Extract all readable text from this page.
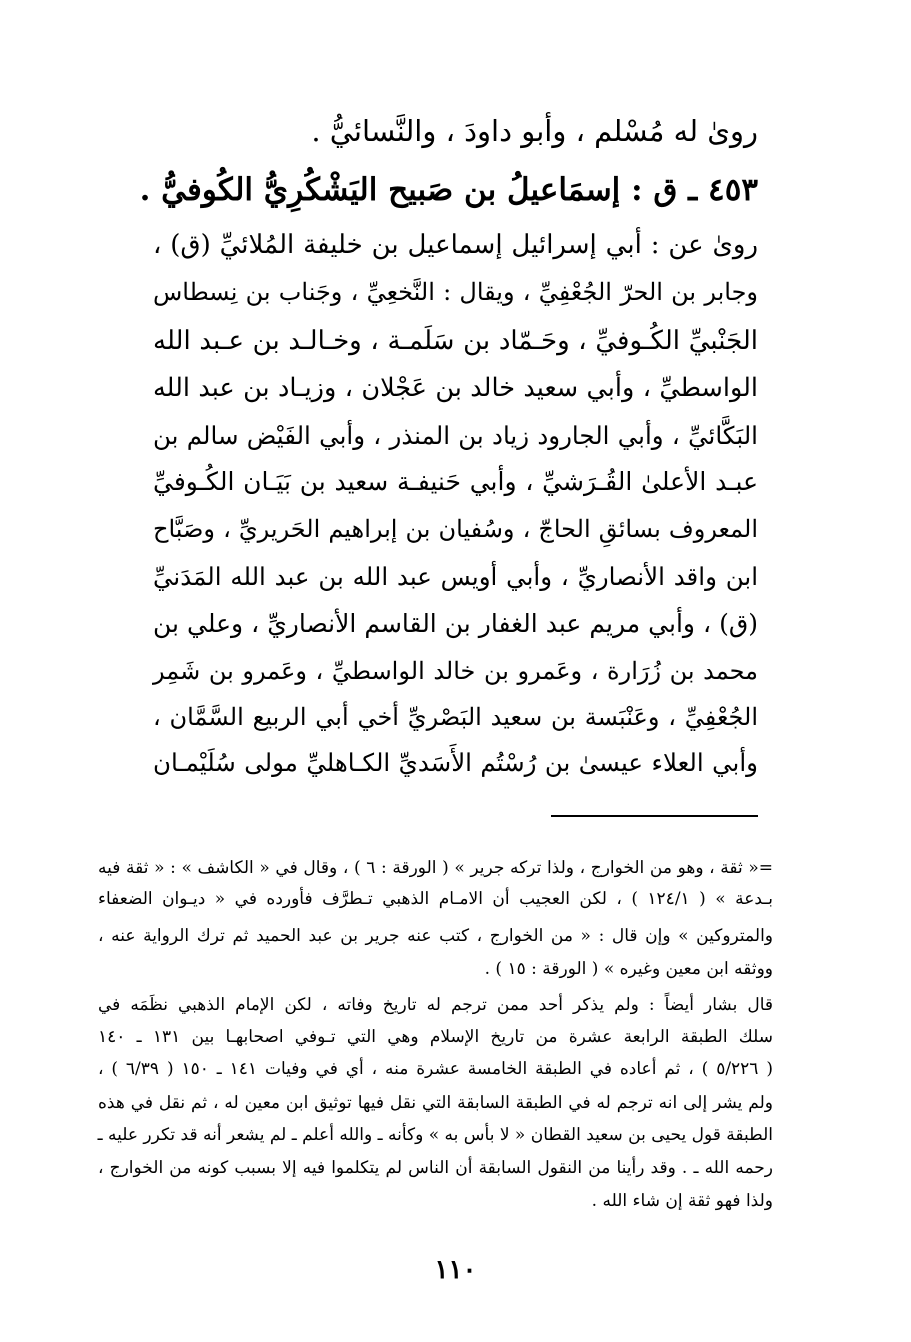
روىٰ له مُسْلم ، وأبو داودَ ، والنَّسائيُّ .
٤٥٣ ـ ق : إسمَاعيلُ بن صَبيح اليَشْكُرِيُّ الكُوفيُّ .
روىٰ عن : أبي إسرائيل إسماعيل بن خليفة المُلائيِّ (ق) ،
وجابر بن الحرّ الجُعْفِيِّ ، ويقال : النَّخعِيِّ ، وجَناب بن نِسطاس
الجَنْبيِّ الكُـوفيِّ ، وحَـمّاد بن سَلَمـة ، وخـالـد بن عـبد الله
الواسطيِّ ، وأبي سعيد خالد بن عَجْلان ، وزيـاد بن عبد الله
البَكَّائيِّ ، وأبي الجارود زياد بن المنذر ، وأبي الفَيْض سالم بن
عبـد الأعلىٰ القُـرَشيِّ ، وأبي حَنيفـة سعيد بن بَيَـان الكُـوفيِّ
المعروف بسائقِ الحاجّ ، وسُفيان بن إبراهيم الحَريريِّ ، وصَبَّاح
ابن واقد الأنصاريِّ ، وأبي أويس عبد الله بن عبد الله المَدَنيِّ
(ق) ، وأبي مريم عبد الغفار بن القاسم الأنصاريِّ ، وعلي بن
محمد بن زُرَارة ، وعَمرو بن خالد الواسطيِّ ، وعَمرو بن شَمِر
الجُعْفِيِّ ، وعَنْبَسة بن سعيد البَصْريِّ أخي أبي الربيع السَّمَّان ،
وأبي العلاء عيسىٰ بن رُسْتُم الأَسَديِّ الكـاهليِّ مولى سُلَيْمـان
=« ثقة ، وهو من الخوارج ، ولذا تركه جرير » ( الورقة : ٦ ) ، وقال في « الكاشف » : « ثقة فيه
بـدعة » ( ١٢٤/١ ) ، لكن العجيب أن الامـام الذهبي تـطرَّف فأورده في « ديـوان الضعفاء
والمتروكين » وإن قال : « من الخوارج ، كتب عنه جرير بن عبد الحميد ثم ترك الرواية عنه ،
ووثقه ابن معين وغيره » ( الورقة : ١٥ ) .
قال بشار أيضاً : ولم يذكر أحد ممن ترجم له تاريخ وفاته ، لكن الإمام الذهبي نظَمَه في
سلك الطبقة الرابعة عشرة من تاريخ الإسلام وهي التي تـوفي اصحابهـا بين ١٣١ ـ ١٤٠
( ٥/٢٢٦ ) ، ثم أعاده في الطبقة الخامسة عشرة منه ، أي في وفيات ١٤١ ـ ١٥٠ ( ٦/٣٩ ) ،
ولم يشر إلى انه ترجم له في الطبقة السابقة التي نقل فيها توثيق ابن معين له ، ثم نقل في هذه
الطبقة قول يحيى بن سعيد القطان « لا بأس به » وكأنه ـ والله أعلم ـ لم يشعر أنه قد تكرر عليه ـ
رحمه الله ـ . وقد رأينا من النقول السابقة أن الناس لم يتكلموا فيه إلا بسبب كونه من الخوارج ،
ولذا فهو ثقة إن شاء الله .
١١٠
